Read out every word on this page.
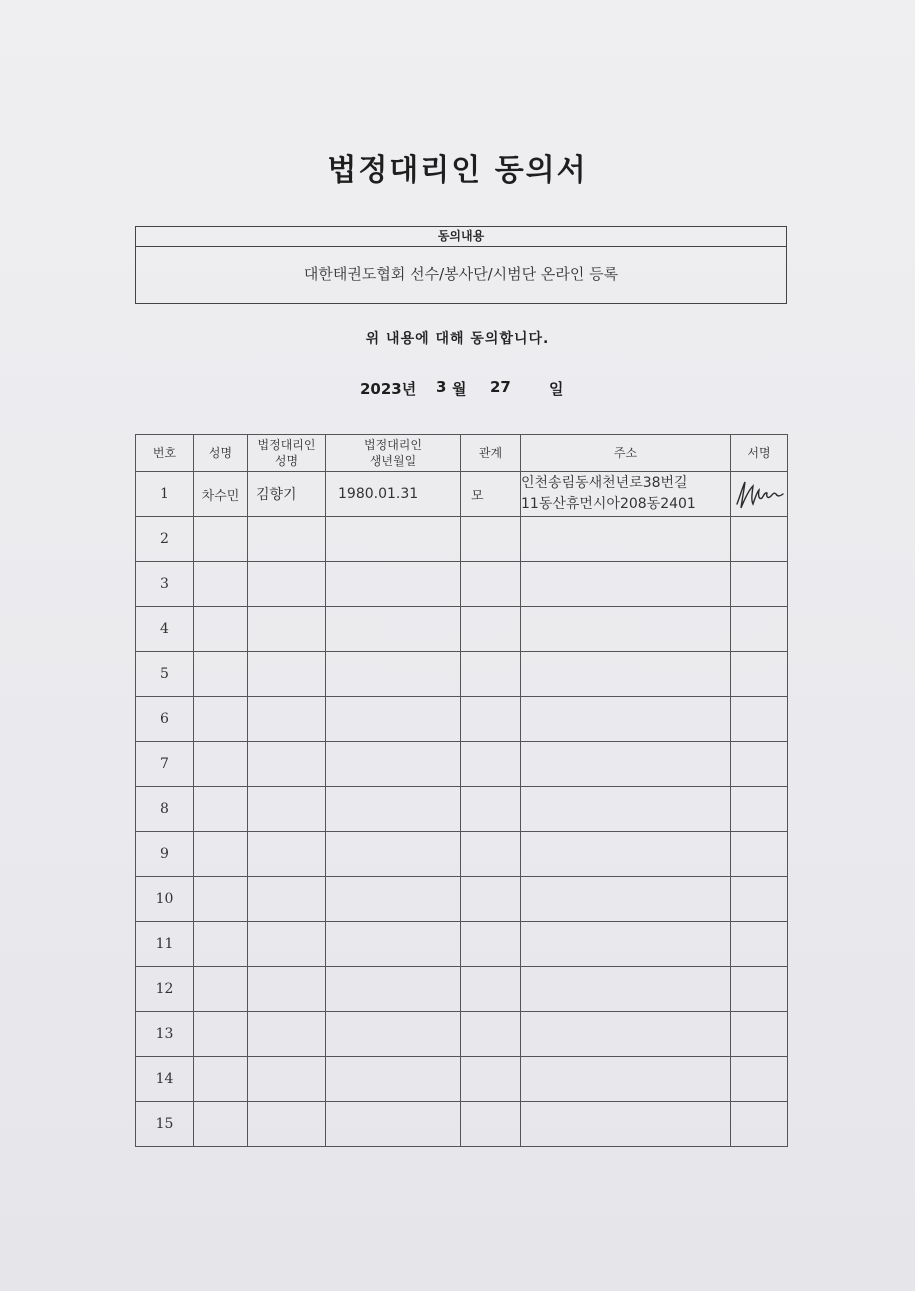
법정대리인 동의서
동의내용
대한태권도협회 선수/봉사단/시범단 온라인 등록
위 내용에 대해 동의합니다.
2023년 3 월 27	일
번호	성명	법정대리인 성명	법정대리인 생년월일	관계	주소	서명
1	차수민	김향기	1980.01.31	모	인천송림동새천년로38번길
11동산휴먼시아208동2401

2						
3						
4						
5						
6						
7						
8						
9						
10						
11						
12						
13						
14						
15						
